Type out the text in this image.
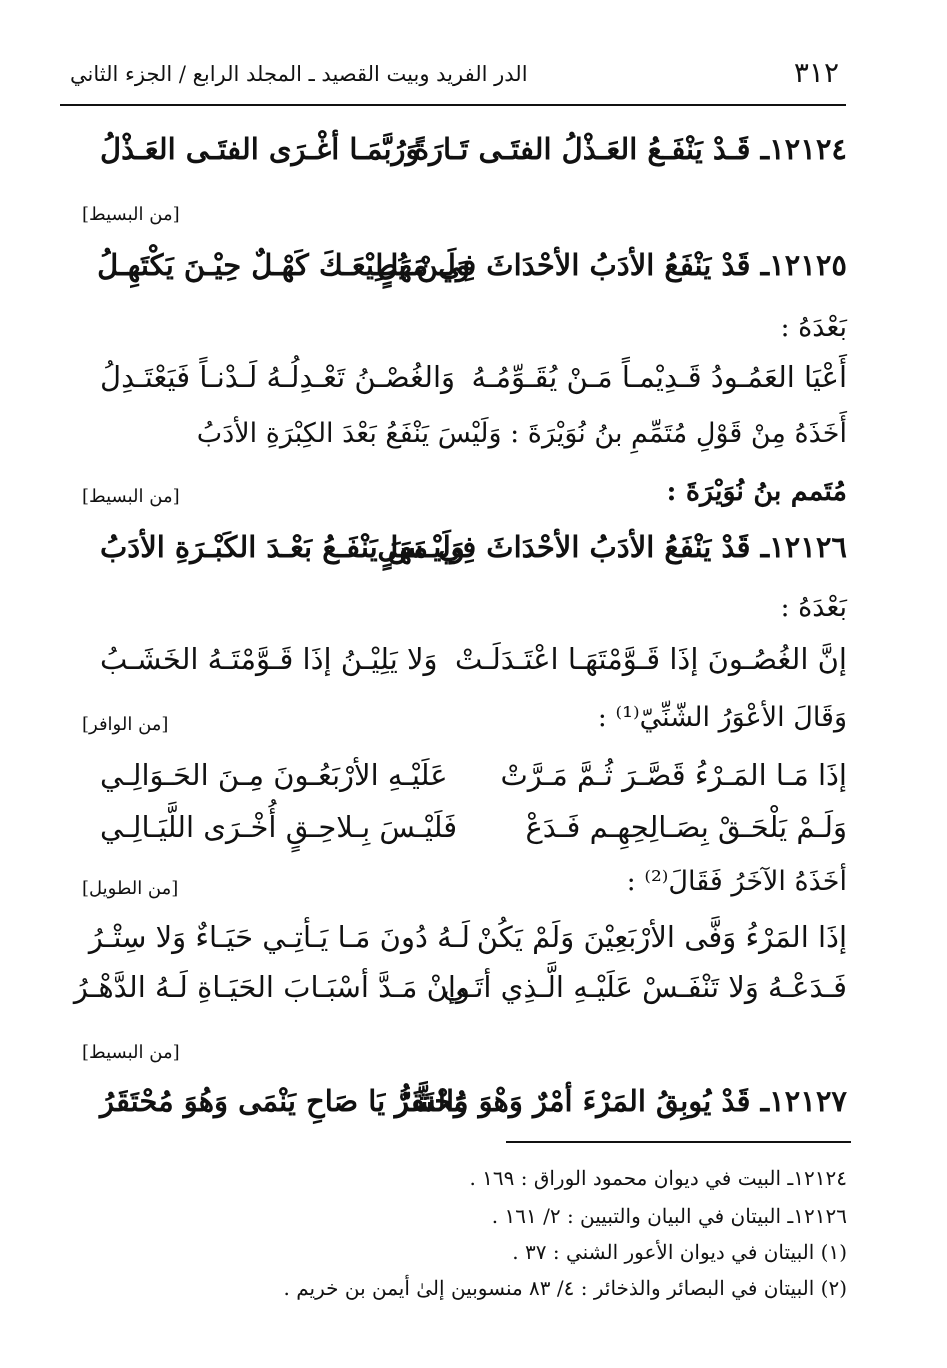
٣١٢
الدر الفريد وبيت القصيد ـ المجلد الرابع / الجزء الثاني
١٢١٢٤ـ قَـدْ يَنْفَـعُ العَـذْلُ الفتَـى تَـارَةً
وَرُبَّمَـا أغْـرَى الفتَـى العَـذْلُ
[من البسيط]
١٢١٢٥ـ قَدْ يَنْفَعُ الأدَبُ الأحْدَاثَ فِي مَهَلٍ
وَلَـنْ يُطِيْعَـكَ كَهْـلٌ حِيْـنَ يَكْتَهِـلُ
بَعْدَهُ :
أَعْيَا العَمُـودُ قَـدِيْمـاً مَـنْ يُقَـوِّمُـهُ
وَالغُصْـنُ تَعْـدِلُـهُ لَـدْنـاً فَيَعْتَـدِلُ
أَخَذَهُ مِنْ قَوْلِ مُتَمِّمِ بنُ نُوَيْرَةَ : وَلَيْسَ يَنْفَعُ بَعْدَ الكِبْرَةِ الأدَبُ
مُتَمم بنُ نُوَيْرَةَ :
[من البسيط]
١٢١٢٦ـ قَدْ يَنْفَعُ الأدَبُ الأحْدَاثَ فِي مَهَلٍ
وَلَيْـسَ يَنْفَـعُ بَعْـدَ الكَبْـرَةِ الأدَبُ
بَعْدَهُ :
إنَّ الغُصُـونَ إذَا قَـوَّمْتَهَـا اعْتَـدَلَـتْ
وَلا يَلِيْـنُ إذَا قَـوَّمْتَـهُ الخَشَـبُ
وَقَالَ الأعْوَرُ الشّنِّيّ⁽¹⁾ :
[من الوافر]
إذَا مَـا المَـرْءُ قَصَّـرَ ثُـمَّ مَـرَّتْ
عَلَيْـهِ الأرْبَعُـونَ مِـنَ الحَـوَالِـي
وَلَـمْ يَلْحَـقْ بِصَـالِحِهِـم فَـدَعْ
فَلَيْـسَ بِـلاحِـقٍ أُخْـرَى اللَّيَـالِـي
أخَذَهُ الآخَرُ فَقَالَ⁽²⁾ :
[من الطويل]
إذَا المَرْءُ وَفَّى الأرْبَعِيْنَ وَلَمْ يَكُنْ
لَـهُ دُونَ مَـا يَـأتِـي حَيَـاءٌ وَلا سِتْـرُ
فَـدَعْـهُ وَلا تَنْفَـسْ عَلَيْـهِ الَّـذِي أتَـى
وإنْ مَـدَّ أسْبَـابَ الحَيَـاةِ لَـهُ الدَّهْـرُ
[من البسيط]
١٢١٢٧ـ قَدْ يُوبِقُ المَرْءَ أمْرٌ وَهْوَ مُحْتَقَرٌ
وَالشَّرُّ يَا صَاحِ يَنْمَى وَهُوَ مُحْتَقَرُ
١٢١٢٤ـ البيت في ديوان محمود الوراق : ١٦٩ .
١٢١٢٦ـ البيتان في البيان والتبيين : ٢/ ١٦١ .
(١) البيتان في ديوان الأعور الشني : ٣٧ .
(٢) البيتان في البصائر والذخائر : ٤/ ٨٣ منسوبين إلىٰ أيمن بن خريم .
